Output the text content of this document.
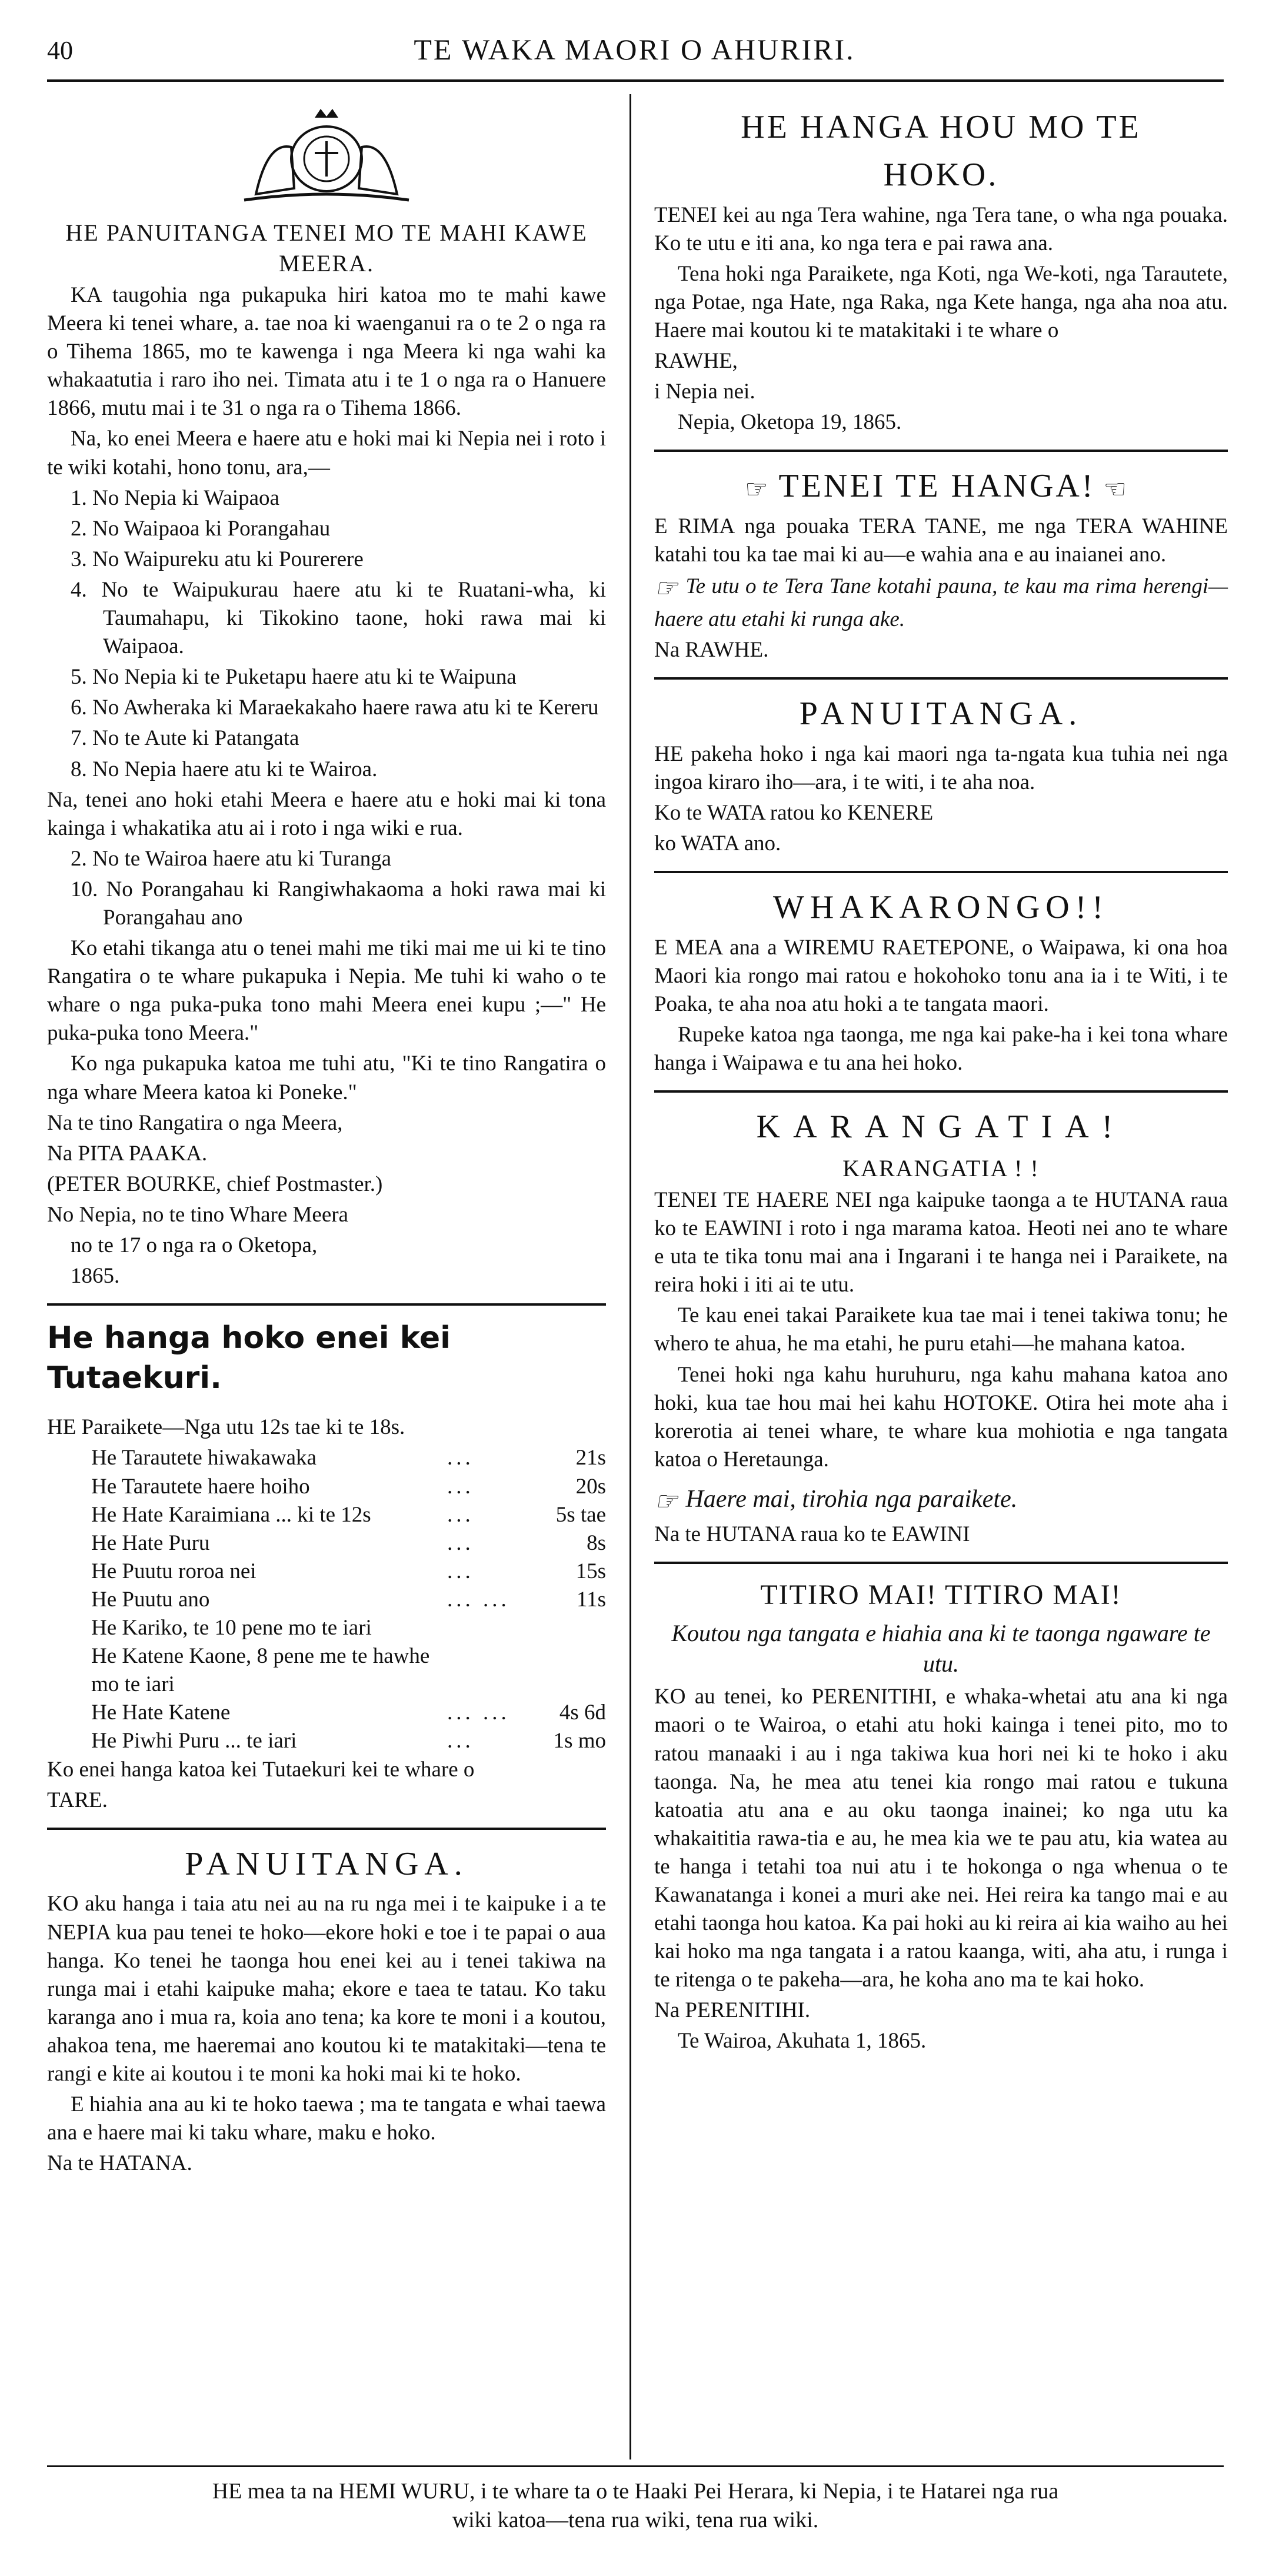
40	TE WAKA MAORI O AHURIRI.
HE PANUITANGA TENEI MO TE MAHI KAWE MEERA.

KA taugohia nga pukapuka hiri katoa mo te mahi kawe Meera ki tenei whare, a. tae noa ki waenganui ra o te 2 o nga ra o Tihema 1865, mo te kawenga i nga Meera ki nga wahi ka whakaatutia i raro iho nei. Timata atu i te 1 o nga ra o Hanuere 1866, mutu mai i te 31 o nga ra o Tihema 1866.

Na, ko enei Meera e haere atu e hoki mai ki Nepia nei i roto i te wiki kotahi, hono tonu, ara,—

1. No Nepia ki Waipaoa

2. No Waipaoa ki Porangahau

3. No Waipureku atu ki Pourerere

4. No te Waipukurau haere atu ki te Ruatani-wha, ki Taumahapu, ki Tikokino taone, hoki rawa mai ki Waipaoa.

5. No Nepia ki te Puketapu haere atu ki te Waipuna

6. No Awheraka ki Maraekakaho haere rawa atu ki te Kereru

7. No te Aute ki Patangata

8. No Nepia haere atu ki te Wairoa.

Na, tenei ano hoki etahi Meera e haere atu e hoki mai ki tona kainga i whakatika atu ai i roto i nga wiki e rua.

2. No te Wairoa haere atu ki Turanga

10. No Porangahau ki Rangiwhakaoma a hoki rawa mai ki Porangahau ano

Ko etahi tikanga atu o tenei mahi me tiki mai me ui ki te tino Rangatira o te whare pukapuka i Nepia. Me tuhi ki waho o te whare o nga puka-puka tono mahi Meera enei kupu ;—" He puka-puka tono Meera."

Ko nga pukapuka katoa me tuhi atu, "Ki te tino Rangatira o nga whare Meera katoa ki Poneke."

Na te tino Rangatira o nga Meera,

Na PITA PAAKA.

(PETER BOURKE, chief Postmaster.)

No Nepia, no te tino Whare Meera

no te 17 o nga ra o Oketopa,

1865.

He hanga hoko enei kei Tutaekuri.

HE Paraikete—Nga utu 12s tae ki te 18s.

He Tarautete hiwakawaka	...	21s
He Tarautete haere hoiho	...	20s
He Hate Karaimiana ... ki te 12s	...	5s tae
He Hate Puru	...	8s
He Puutu roroa nei	...	15s
He Puutu ano	... ...	11s
He Kariko, te 10 pene mo te iari
He Katene Kaone, 8 pene me te hawhe mo te iari
He Hate Katene	... ...	4s 6d
He Piwhi Puru ... te iari	...	1s mo

Ko enei hanga katoa kei Tutaekuri kei te whare o

TARE.

PANUITANGA.

KO aku hanga i taia atu nei au na ru nga mei i te kaipuke i a te NEPIA kua pau tenei te hoko—ekore hoki e toe i te papai o aua hanga. Ko tenei he taonga hou enei kei au i tenei takiwa na runga mai i etahi kaipuke maha; ekore e taea te tatau. Ko taku karanga ano i mua ra, koia ano tena; ka kore te moni i a koutou, ahakoa tena, me haeremai ano koutou ki te matakitaki—tena te rangi e kite ai koutou i te moni ka hoki mai ki te hoko.

E hiahia ana au ki te hoko taewa ; ma te tangata e whai taewa ana e haere mai ki taku whare, maku e hoko.

Na te HATANA.

HE HANGA HOU MO TE
HOKO.

TENEI kei au nga Tera wahine, nga Tera tane, o wha nga pouaka. Ko te utu e iti ana, ko nga tera e pai rawa ana.

Tena hoki nga Paraikete, nga Koti, nga We-koti, nga Tarautete, nga Potae, nga Hate, nga Raka, nga Kete hanga, nga aha noa atu. Haere mai koutou ki te matakitaki i te whare o

RAWHE,

i Nepia nei.

Nepia, Oketopa 19, 1865.

☞ TENEI TE HANGA! ☜

E RIMA nga pouaka TERA TANE, me nga TERA WAHINE katahi tou ka tae mai ki au—e wahia ana e au inaianei ano.

☞ Te utu o te Tera Tane kotahi pauna, te kau ma rima herengi—haere atu etahi ki runga ake.

Na RAWHE.

PANUITANGA.

HE pakeha hoko i nga kai maori nga ta-ngata kua tuhia nei nga ingoa kiraro iho—ara, i te witi, i te aha noa.

Ko te WATA ratou ko KENERE

ko WATA ano.

WHAKARONGO!!

E MEA ana a WIREMU RAETEPONE, o Waipawa, ki ona hoa Maori kia rongo mai ratou e hokohoko tonu ana ia i te Witi, i te Poaka, te aha noa atu hoki a te tangata maori.

Rupeke katoa nga taonga, me nga kai pake-ha i kei tona whare hanga i Waipawa e tu ana hei hoko.

KARANGATIA!
KARANGATIA ! !

TENEI TE HAERE NEI nga kaipuke taonga a te HUTANA raua ko te EAWINI i roto i nga marama katoa. Heoti nei ano te whare e uta te tika tonu mai ana i Ingarani i te hanga nei i Paraikete, na reira hoki i iti ai te utu.

Te kau enei takai Paraikete kua tae mai i tenei takiwa tonu; he whero te ahua, he ma etahi, he puru etahi—he mahana katoa.

Tenei hoki nga kahu huruhuru, nga kahu mahana katoa ano hoki, kua tae hou mai hei kahu HOTOKE. Otira hei mote aha i korerotia ai tenei whare, te whare kua mohiotia e nga tangata katoa o Heretaunga.

☞ Haere mai, tirohia nga paraikete.

Na te HUTANA raua ko te EAWINI

TITIRO MAI! TITIRO MAI!
Koutou nga tangata e hiahia ana ki te taonga ngaware te utu.

KO au tenei, ko PERENITIHI, e whaka-whetai atu ana ki nga maori o te Wairoa, o etahi atu hoki kainga i tenei pito, mo to ratou manaaki i au i nga takiwa kua hori nei ki te hoko i aku taonga. Na, he mea atu tenei kia rongo mai ratou e tukuna katoatia atu ana e au oku taonga inainei; ko nga utu ka whakaititia rawa-tia e au, he mea kia we te pau atu, kia watea au te hanga i tetahi toa nui atu i te hokonga o nga whenua o te Kawanatanga i konei a muri ake nei. Hei reira ka tango mai e au etahi taonga hou katoa. Ka pai hoki au ki reira ai kia waiho au hei kai hoko ma nga tangata i a ratou kaanga, witi, aha atu, i runga i te ritenga o te pakeha—ara, he koha ano ma te kai hoko.

Na PERENITIHI.

Te Wairoa, Akuhata 1, 1865.

HE mea ta na HEMI WURU, i te whare ta o te Haaki Pei Herara, ki Nepia, i te Hatarei nga rua
wiki katoa—tena rua wiki, tena rua wiki.
